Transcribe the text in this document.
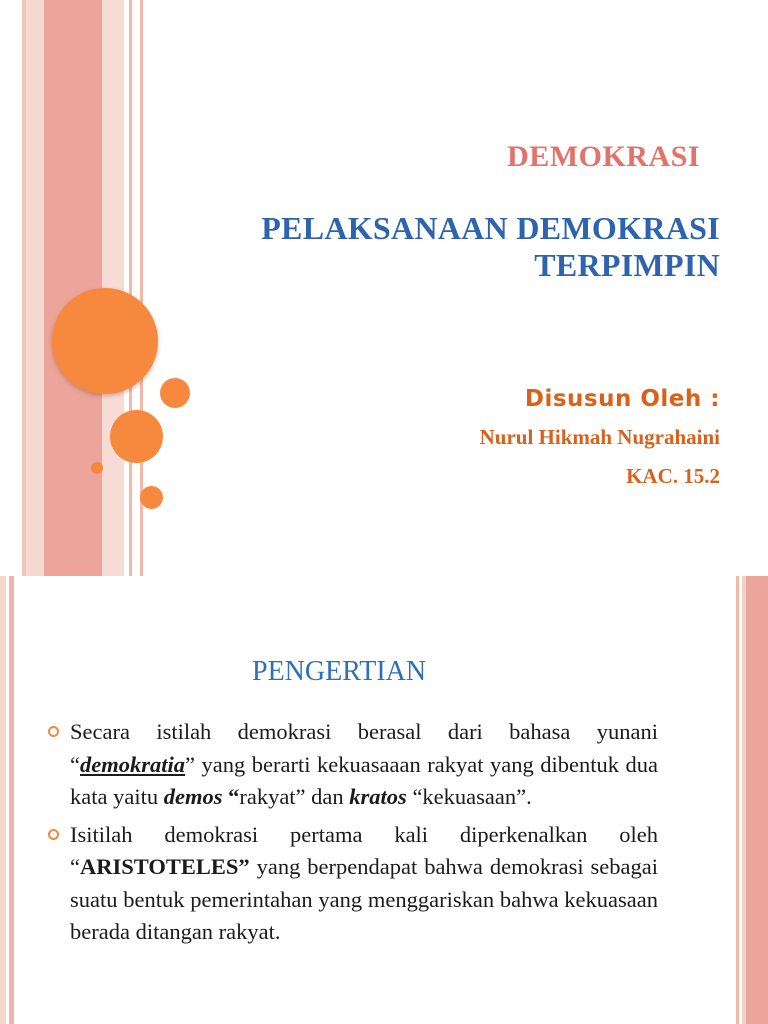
DEMOKRASI
PELAKSANAAN DEMOKRASI
TERPIMPIN
Disusun Oleh :
Nurul Hikmah Nugrahaini
KAC. 15.2
PENGERTIAN
Secara istilah demokrasi berasal dari bahasa yunani “demokratia” yang berarti kekuasaaan rakyat yang dibentuk dua kata yaitu demos “rakyat” dan kratos “kekuasaan”.
Isitilah demokrasi pertama kali diperkenalkan oleh “ARISTOTELES” yang berpendapat bahwa demokrasi sebagai suatu bentuk pemerintahan yang menggariskan bahwa kekuasaan berada ditangan rakyat.
